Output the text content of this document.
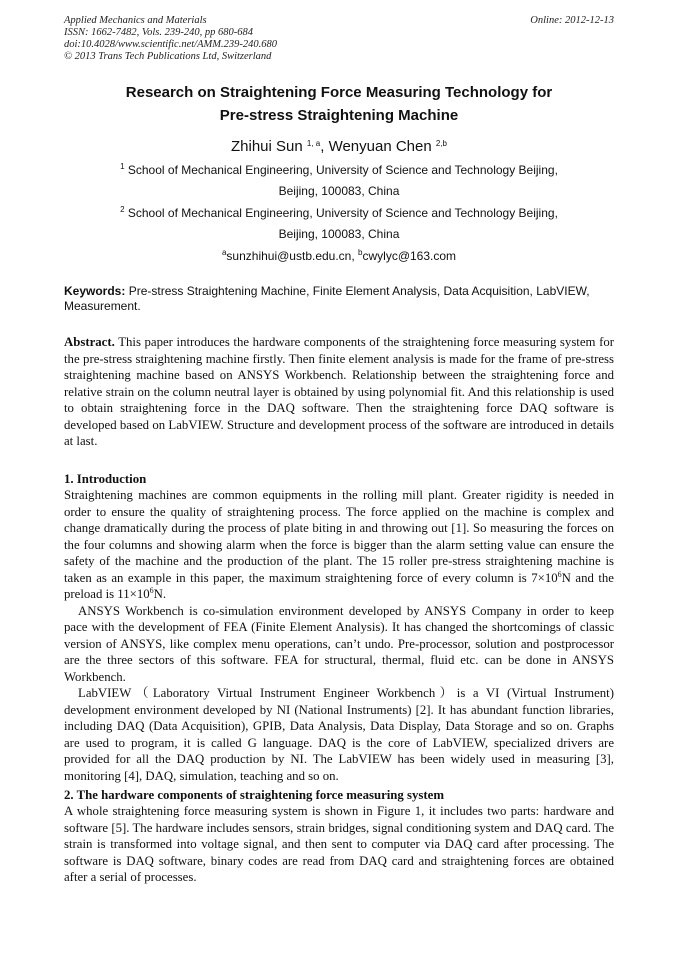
Applied Mechanics and Materials
ISSN: 1662-7482, Vols. 239-240, pp 680-684
doi:10.4028/www.scientific.net/AMM.239-240.680
© 2013 Trans Tech Publications Ltd, Switzerland
Online: 2012-12-13
Research on Straightening Force Measuring Technology for
Pre-stress Straightening Machine
Zhihui Sun $^{1, a}$, Wenyuan Chen $^{2,b}$
$^1$ School of Mechanical Engineering, University of Science and Technology Beijing,
Beijing, 100083, China
$^2$ School of Mechanical Engineering, University of Science and Technology Beijing,
Beijing, 100083, China
$^a$sunzhihui@ustb.edu.cn, $^b$cwylyc@163.com
Keywords: Pre-stress Straightening Machine, Finite Element Analysis, Data Acquisition, LabVIEW, Measurement.
Abstract. This paper introduces the hardware components of the straightening force measuring system for the pre-stress straightening machine firstly. Then finite element analysis is made for the frame of pre-stress straightening machine based on ANSYS Workbench. Relationship between the straightening force and relative strain on the column neutral layer is obtained by using polynomial fit. And this relationship is used to obtain straightening force in the DAQ software. Then the straightening force DAQ software is developed based on LabVIEW. Structure and development process of the software are introduced in details at last.
1. Introduction

Straightening machines are common equipments in the rolling mill plant. Greater rigidity is needed in order to ensure the quality of straightening process. The force applied on the machine is complex and change dramatically during the process of plate biting in and throwing out [1]. So measuring the forces on the four columns and showing alarm when the force is bigger than the alarm setting value can ensure the safety of the machine and the production of the plant. The 15 roller pre-stress straightening machine is taken as an example in this paper, the maximum straightening force of every column is $7\times 10^6N$ and the preload is $11\times 10^6N$.

ANSYS Workbench is co-simulation environment developed by ANSYS Company in order to keep pace with the development of FEA (Finite Element Analysis). It has changed the shortcomings of classic version of ANSYS, like complex menu operations, can’t undo. Pre-processor, solution and postprocessor are the three sectors of this software. FEA for structural, thermal, fluid etc. can be done in ANSYS Workbench.

LabVIEW（Laboratory Virtual Instrument Engineer Workbench）is a VI (Virtual Instrument) development environment developed by NI (National Instruments) [2]. It has abundant function libraries, including DAQ (Data Acquisition), GPIB, Data Analysis, Data Display, Data Storage and so on. Graphs are used to program, it is called G language. DAQ is the core of LabVIEW, specialized drivers are provided for all the DAQ production by NI. The LabVIEW has been widely used in measuring [3], monitoring [4], DAQ, simulation, teaching and so on.

2. The hardware components of straightening force measuring system

A whole straightening force measuring system is shown in Figure 1, it includes two parts: hardware and software [5]. The hardware includes sensors, strain bridges, signal conditioning system and DAQ card. The strain is transformed into voltage signal, and then sent to computer via DAQ card after processing. The software is DAQ software, binary codes are read from DAQ card and straightening forces are obtained after a serial of processes.
